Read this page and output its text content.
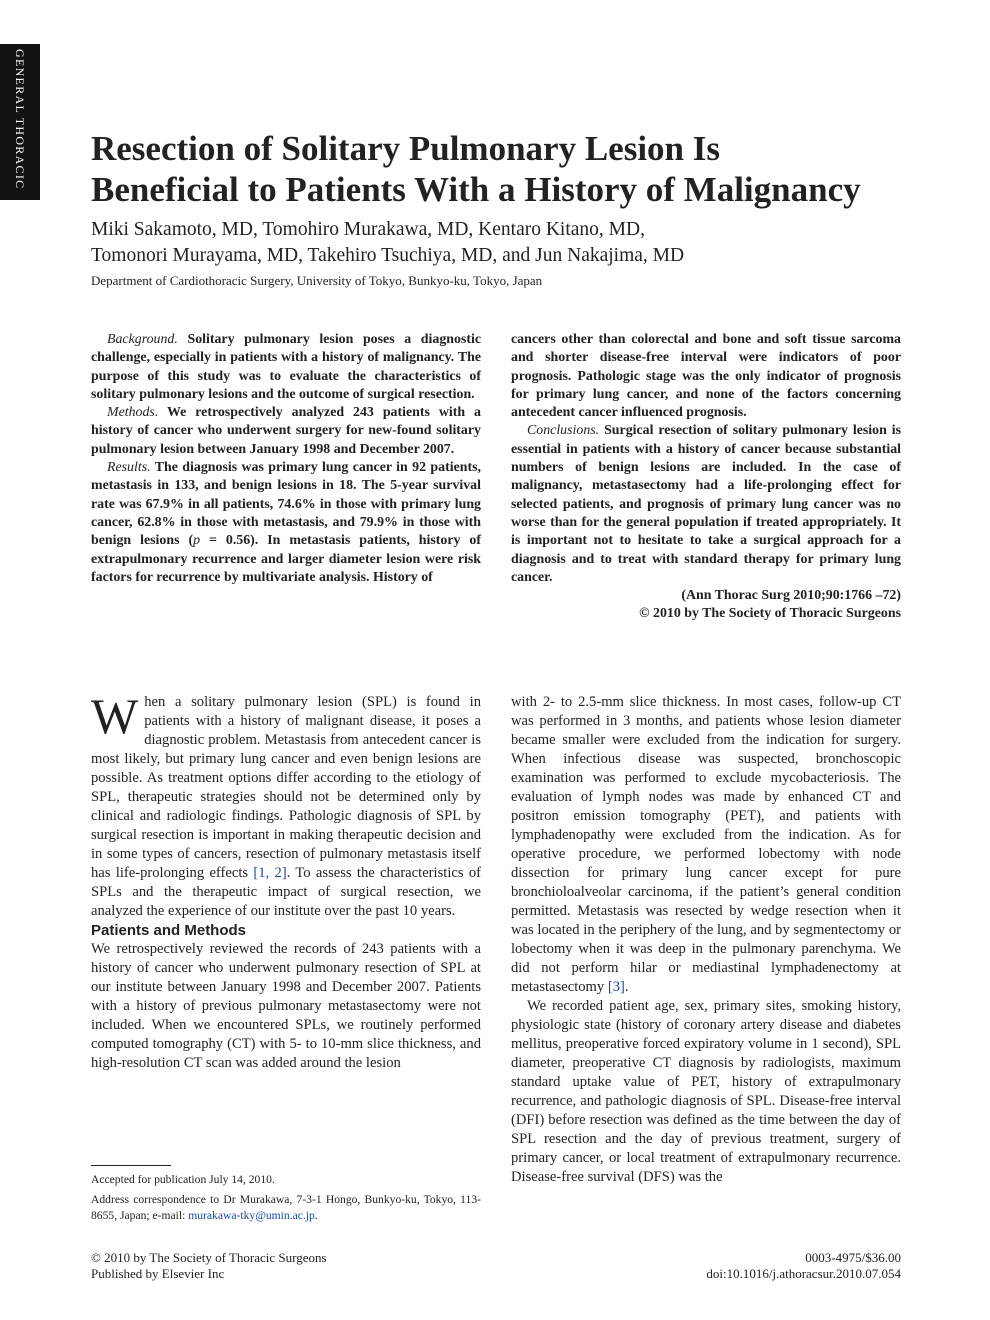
GENERAL THORACIC Resection of Solitary Pulmonary Lesion Is
Beneficial to Patients With a History of Malignancy
Miki Sakamoto, MD, Tomohiro Murakawa, MD, Kentaro Kitano, MD,
Tomonori Murayama, MD, Takehiro Tsuchiya, MD, and Jun Nakajima, MD
Department of Cardiothoracic Surgery, University of Tokyo, Bunkyo-ku, Tokyo, Japan

Background. Solitary pulmonary lesion poses a diagnostic challenge, especially in patients with a history of malignancy. The purpose of this study was to evaluate the characteristics of solitary pulmonary lesions and the outcome of surgical resection.

Methods. We retrospectively analyzed 243 patients with a history of cancer who underwent surgery for new-found solitary pulmonary lesion between January 1998 and December 2007.

Results. The diagnosis was primary lung cancer in 92 patients, metastasis in 133, and benign lesions in 18. The 5-year survival rate was 67.9% in all patients, 74.6% in those with primary lung cancer, 62.8% in those with metastasis, and 79.9% in those with benign lesions (p = 0.56). In metastasis patients, history of extrapulmonary recurrence and larger diameter lesion were risk factors for recurrence by multivariate analysis. History of

cancers other than colorectal and bone and soft tissue sarcoma and shorter disease-free interval were indicators of poor prognosis. Pathologic stage was the only indicator of prognosis for primary lung cancer, and none of the factors concerning antecedent cancer influenced prognosis.

Conclusions. Surgical resection of solitary pulmonary lesion is essential in patients with a history of cancer because substantial numbers of benign lesions are included. In the case of malignancy, metastasectomy had a life-prolonging effect for selected patients, and prognosis of primary lung cancer was no worse than for the general population if treated appropriately. It is important not to hesitate to take a surgical approach for a diagnosis and to treat with standard therapy for primary lung cancer.

(Ann Thorac Surg 2010;90:1766 –72)

© 2010 by The Society of Thoracic Surgeons

When a solitary pulmonary lesion (SPL) is found in patients with a history of malignant disease, it poses a diagnostic problem. Metastasis from antecedent cancer is most likely, but primary lung cancer and even benign lesions are possible. As treatment options differ according to the etiology of SPL, therapeutic strategies should not be determined only by clinical and radiologic findings. Pathologic diagnosis of SPL by surgical resection is important in making therapeutic decision and in some types of cancers, resection of pulmonary metastasis itself has life-prolonging effects [1, 2]. To assess the characteristics of SPLs and the therapeutic impact of surgical resection, we analyzed the experience of our institute over the past 10 years.

Patients and Methods

We retrospectively reviewed the records of 243 patients with a history of cancer who underwent pulmonary resection of SPL at our institute between January 1998 and December 2007. Patients with a history of previous pulmonary metastasectomy were not included. When we encountered SPLs, we routinely performed computed tomography (CT) with 5- to 10-mm slice thickness, and high-resolution CT scan was added around the lesion

with 2- to 2.5-mm slice thickness. In most cases, follow-up CT was performed in 3 months, and patients whose lesion diameter became smaller were excluded from the indication for surgery. When infectious disease was suspected, bronchoscopic examination was performed to exclude mycobacteriosis. The evaluation of lymph nodes was made by enhanced CT and positron emission tomography (PET), and patients with lymphadenopathy were excluded from the indication. As for operative procedure, we performed lobectomy with node dissection for primary lung cancer except for pure bronchioloalveolar carcinoma, if the patient’s general condition permitted. Metastasis was resected by wedge resection when it was located in the periphery of the lung, and by segmentectomy or lobectomy when it was deep in the pulmonary parenchyma. We did not perform hilar or mediastinal lymphadenectomy at metastasectomy [3].

We recorded patient age, sex, primary sites, smoking history, physiologic state (history of coronary artery disease and diabetes mellitus, preoperative forced expiratory volume in 1 second), SPL diameter, preoperative CT diagnosis by radiologists, maximum standard uptake value of PET, history of extrapulmonary recurrence, and pathologic diagnosis of SPL. Disease-free interval (DFI) before resection was defined as the time between the day of SPL resection and the day of previous treatment, surgery of primary cancer, or local treatment of extrapulmonary recurrence. Disease-free survival (DFS) was the

Accepted for publication July 14, 2010.

Address correspondence to Dr Murakawa, 7-3-1 Hongo, Bunkyo-ku, Tokyo, 113-8655, Japan; e-mail: murakawa-tky@umin.ac.jp.

© 2010 by The Society of Thoracic Surgeons
Published by Elsevier Inc
0003-4975/$36.00
doi:10.1016/j.athoracsur.2010.07.054
